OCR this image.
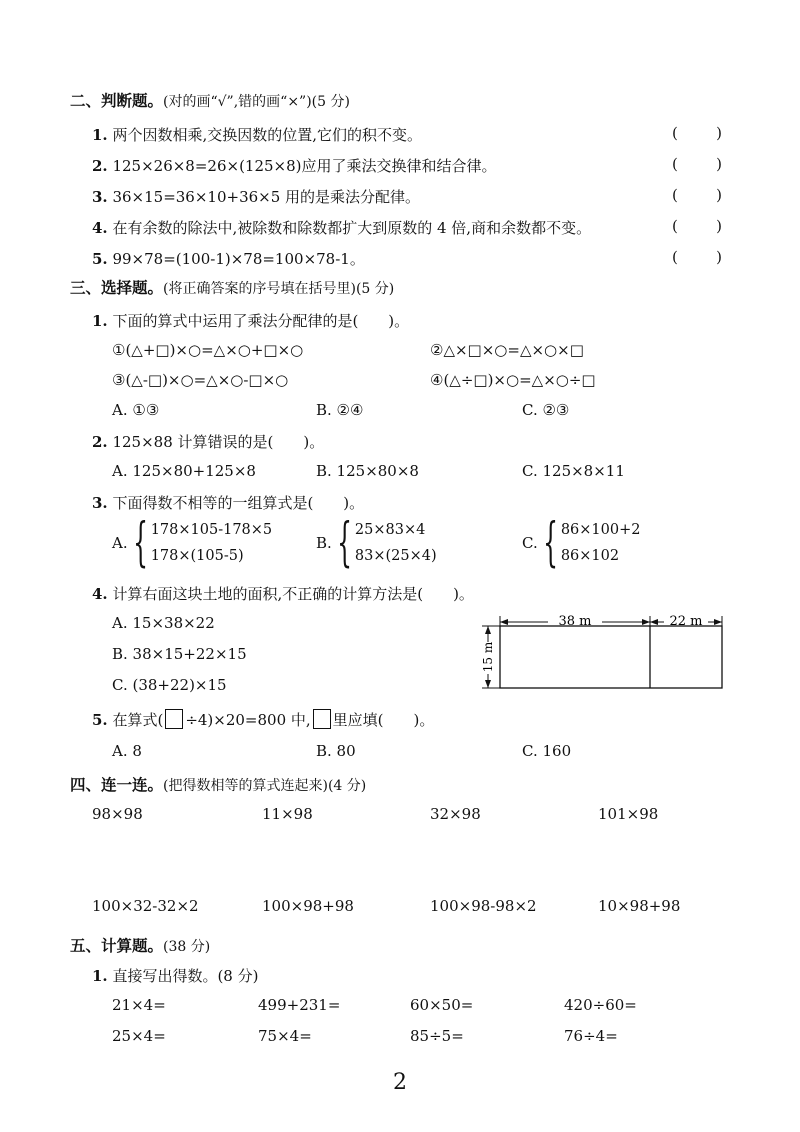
二、判断题。(对的画“√”,错的画“×”)(5 分)
1. 两个因数相乘,交换因数的位置,它们的积不变。	(	)
2. 125×26×8=26×(125×8)应用了乘法交换律和结合律。	(	)
3. 36×15=36×10+36×5 用的是乘法分配律。	(	)
4. 在有余数的除法中,被除数和除数都扩大到原数的 4 倍,商和余数都不变。	(	)
5. 99×78=(100-1)×78=100×78-1。	(	)
三、选择题。(将正确答案的序号填在括号里)(5 分)
1. 下面的算式中运用了乘法分配律的是(　　)。
①(△+□)×○=△×○+□×○	②△×□×○=△×○×□
③(△-□)×○=△×○-□×○	④(△÷□)×○=△×○÷□
A. ①③	B. ②④	C. ②③
2. 125×88 计算错误的是(　　)。
A. 125×80+125×8	B. 125×80×8	C. 125×8×11
3. 下面得数不相等的一组算式是(　　)。
A. { 178×105-178×5
178×(105-5)
B. { 25×83×4
83×(25×4)
C. { 86×100+2
86×102
4. 计算右面这块土地的面积,不正确的计算方法是(　　)。
A. 15×38×22
B. 38×15+22×15
C. (38+22)×15
38 m	22 m
15 m
5. 在算式( ÷4)×20=800 中, 里应填(　　)。
A. 8	B. 80	C. 160
四、连一连。(把得数相等的算式连起来)(4 分)
98×98	11×98	32×98	101×98
100×32-32×2	100×98+98	100×98-98×2	10×98+98
五、计算题。(38 分)
1. 直接写出得数。(8 分)
21×4=	499+231=	60×50=	420÷60=
25×4=	75×4=	85÷5=	76÷4=
2
